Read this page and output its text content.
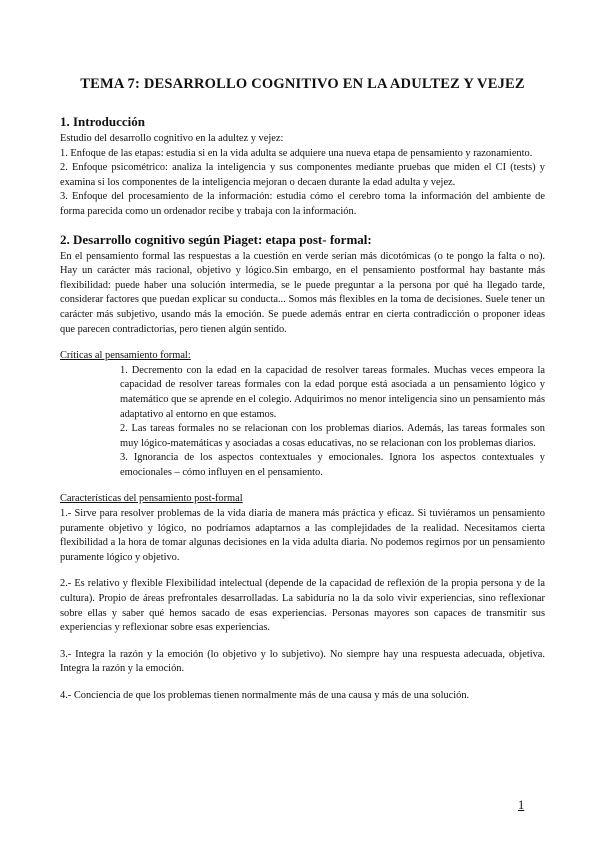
TEMA 7: DESARROLLO COGNITIVO EN LA ADULTEZ Y VEJEZ
1. Introducción

Estudio del desarrollo cognitivo en la adultez y vejez:

1. Enfoque de las etapas: estudia si en la vida adulta se adquiere una nueva etapa de pensamiento y razonamiento.

2. Enfoque psicométrico: analiza la inteligencia y sus componentes mediante pruebas que miden el CI (tests) y examina si los componentes de la inteligencia mejoran o decaen durante la edad adulta y vejez.

3. Enfoque del procesamiento de la información: estudia cómo el cerebro toma la información del ambiente de forma parecida como un ordenador recibe y trabaja con la información.

2. Desarrollo cognitivo según Piaget: etapa post- formal:

En el pensamiento formal las respuestas a la cuestión en verde serían más dicotómicas (o te pongo la falta o no). Hay un carácter más racional, objetivo y lógico.Sin embargo, en el pensamiento postformal hay bastante más flexibilidad: puede haber una solución intermedia, se le puede preguntar a la persona por qué ha llegado tarde, considerar factores que puedan explicar su conducta... Somos más flexibles en la toma de decisiones. Suele tener un carácter más subjetivo, usando más la emoción. Se puede además entrar en cierta contradicción o proponer ideas que parecen contradictorias, pero tienen algún sentido.

Críticas al pensamiento formal:

1. Decremento con la edad en la capacidad de resolver tareas formales. Muchas veces empeora la capacidad de resolver tareas formales con la edad porque está asociada a un pensamiento lógico y matemático que se aprende en el colegio. Adquirimos no menor inteligencia sino un pensamiento más adaptativo al entorno en que estamos.

2. Las tareas formales no se relacionan con los problemas diarios. Además, las tareas formales son muy lógico-matemáticas y asociadas a cosas educativas, no se relacionan con los problemas diarios.

3. Ignorancia de los aspectos contextuales y emocionales. Ignora los aspectos contextuales y emocionales – cómo influyen en el pensamiento.

Características del pensamiento post-formal

1.- Sirve para resolver problemas de la vida diaria de manera más práctica y eficaz. Si tuviéramos un pensamiento puramente objetivo y lógico, no podríamos adaptarnos a las complejidades de la realidad. Necesitamos cierta flexibilidad a la hora de tomar algunas decisiones en la vida adulta diaria. No podemos regirnos por un pensamiento puramente lógico y objetivo.

2.- Es relativo y flexible Flexibilidad intelectual (depende de la capacidad de reflexión de la propia persona y de la cultura). Propio de áreas prefrontales desarrolladas. La sabiduría no la da solo vivir experiencias, sino reflexionar sobre ellas y saber qué hemos sacado de esas experiencias. Personas mayores son capaces de transmitir sus experiencias y reflexionar sobre esas experiencias.

3.- Integra la razón y la emoción (lo objetivo y lo subjetivo). No siempre hay una respuesta adecuada, objetiva. Integra la razón y la emoción.

4.- Conciencia de que los problemas tienen normalmente más de una causa y más de una solución.

1
